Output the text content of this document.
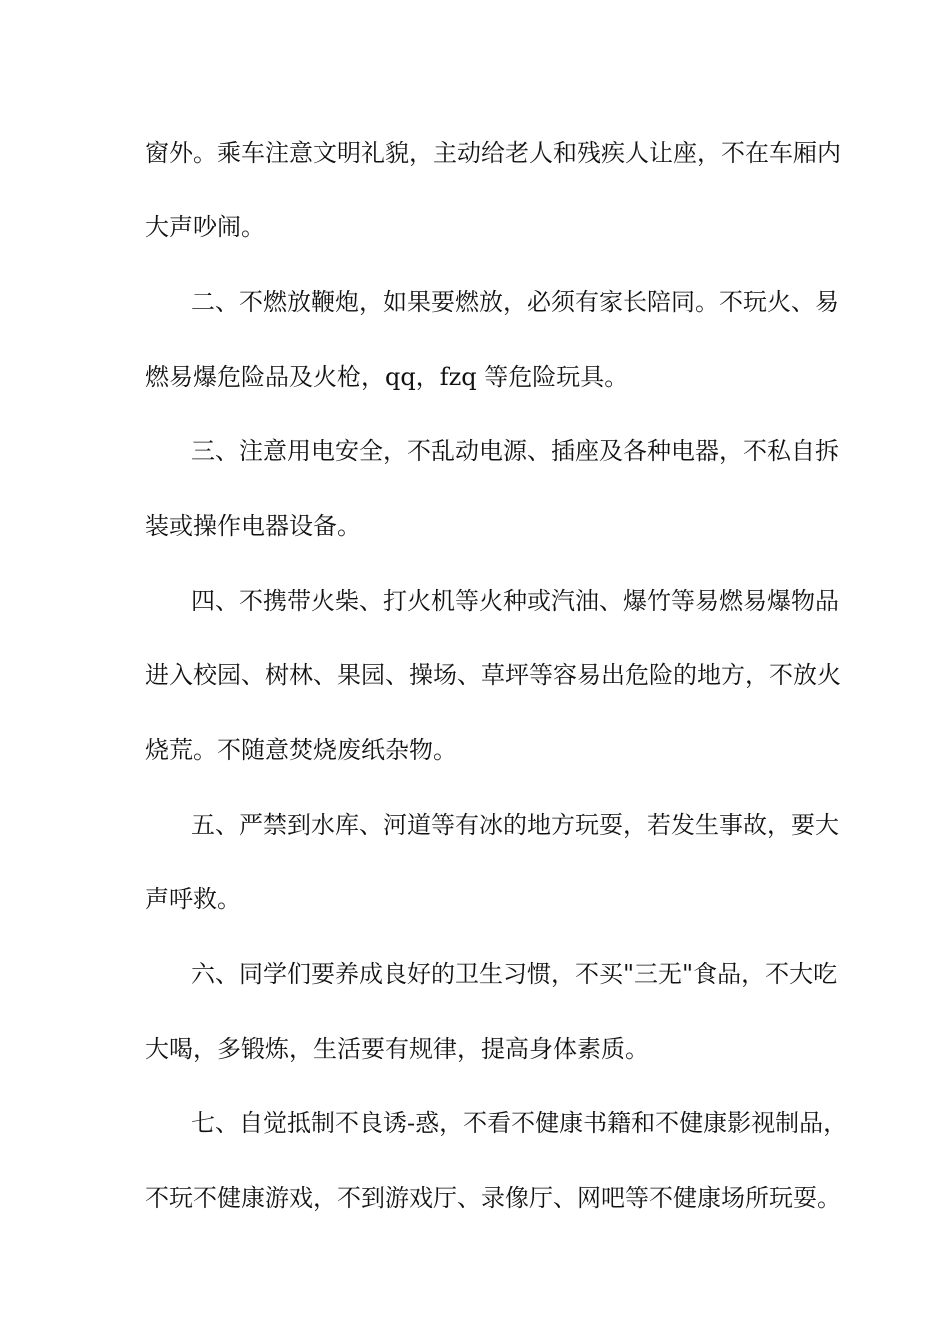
窗外。乘车注意文明礼貌，主动给老人和残疾人让座，不在车厢内
大声吵闹。
二、不燃放鞭炮，如果要燃放，必须有家长陪同。不玩火、易
燃易爆危险品及火枪，qq，fzq 等危险玩具。
三、注意用电安全，不乱动电源、插座及各种电器，不私自拆
装或操作电器设备。
四、不携带火柴、打火机等火种或汽油、爆竹等易燃易爆物品
进入校园、树林、果园、操场、草坪等容易出危险的地方，不放火
烧荒。不随意焚烧废纸杂物。
五、严禁到水库、河道等有冰的地方玩耍，若发生事故，要大
声呼救。
六、同学们要养成良好的卫生习惯，不买"三无"食品，不大吃
大喝，多锻炼，生活要有规律，提高身体素质。
七、自觉抵制不良诱-惑，不看不健康书籍和不健康影视制品，
不玩不健康游戏，不到游戏厅、录像厅、网吧等不健康场所玩耍。
